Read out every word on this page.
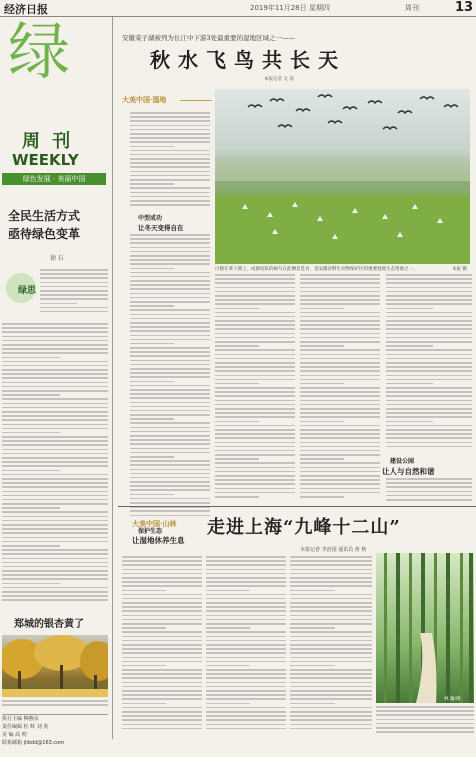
经济日报	2019年11月28日 星期四	周刊	13
绿
周 刊
WEEKLY
绿色发展 · 美丽中国
全民生活方式
亟待绿色变革
徐 石
绿思
郑城的银杏黄了
执行主编 柳燕东
责任编辑 杜 辉 刘 英
美 编 高 明
联系邮箱 jiibdd@163.com
安徽菜子湖被列为长江中下游3处最重要的湿地区域之一——
秋水飞鸟共长天
本报记者 文 菡
大美中国·湿地
中型成功
让冬天变得自在
保护生态
让湿地休养生息
白鹤在菜子湖上，成群结队的候鸟在此栖息觅食，是安徽省野生动物保护区的重要湿地生态资源之一。	本报 摄
建设公园
让人与自然和谐
大美中国·山林 走进上海“九峰十二山”
本报记者 李治国 通讯员 黄 秋
林 瀚/摄
